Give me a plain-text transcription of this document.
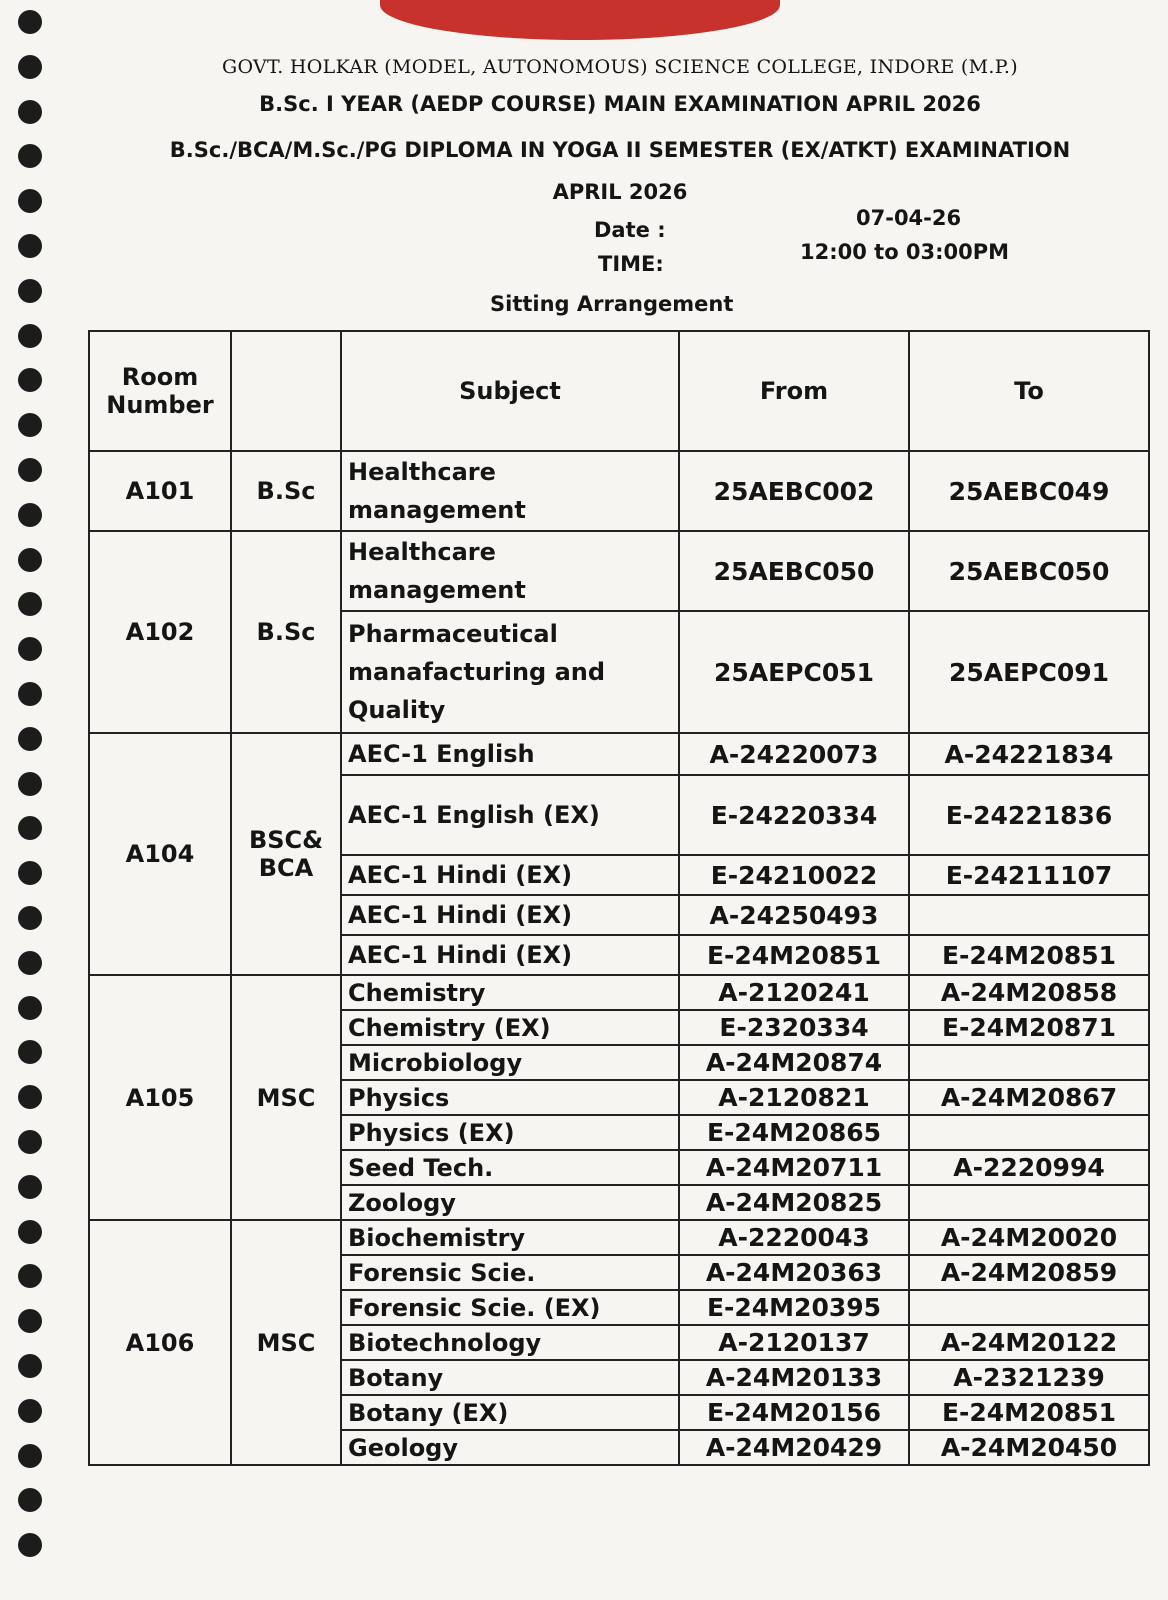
GOVT. HOLKAR (MODEL, AUTONOMOUS) SCIENCE COLLEGE, INDORE (M.P.)
B.Sc. I YEAR (AEDP COURSE) MAIN EXAMINATION APRIL 2026
B.Sc./BCA/M.Sc./PG DIPLOMA IN YOGA II SEMESTER (EX/ATKT) EXAMINATION
APRIL 2026
Date :	07-04-26
TIME:	12:00 to 03:00PM
Sitting Arrangement
Room Number		Subject	From	To
A101	B.Sc	Healthcare management	25AEBC002	25AEBC049
A102	B.Sc	Healthcare management	25AEBC050	25AEBC050
		Pharmaceutical manafacturing and Quality	25AEPC051	25AEPC091
A104	BSC& BCA	AEC-1 English	A-24220073	A-24221834
		AEC-1 English (EX)	E-24220334	E-24221836
		AEC-1 Hindi (EX)	E-24210022	E-24211107
		AEC-1 Hindi (EX)	A-24250493	
		AEC-1 Hindi (EX)	E-24M20851	E-24M20851
A105	MSC	Chemistry	A-2120241	A-24M20858
		Chemistry (EX)	E-2320334	E-24M20871
		Microbiology	A-24M20874	
		Physics	A-2120821	A-24M20867
		Physics (EX)	E-24M20865	
		Seed Tech.	A-24M20711	A-2220994
		Zoology	A-24M20825	
A106	MSC	Biochemistry	A-2220043	A-24M20020
		Forensic Scie.	A-24M20363	A-24M20859
		Forensic Scie. (EX)	E-24M20395	
		Biotechnology	A-2120137	A-24M20122
		Botany	A-24M20133	A-2321239
		Botany (EX)	E-24M20156	E-24M20851
		Geology	A-24M20429	A-24M20450
